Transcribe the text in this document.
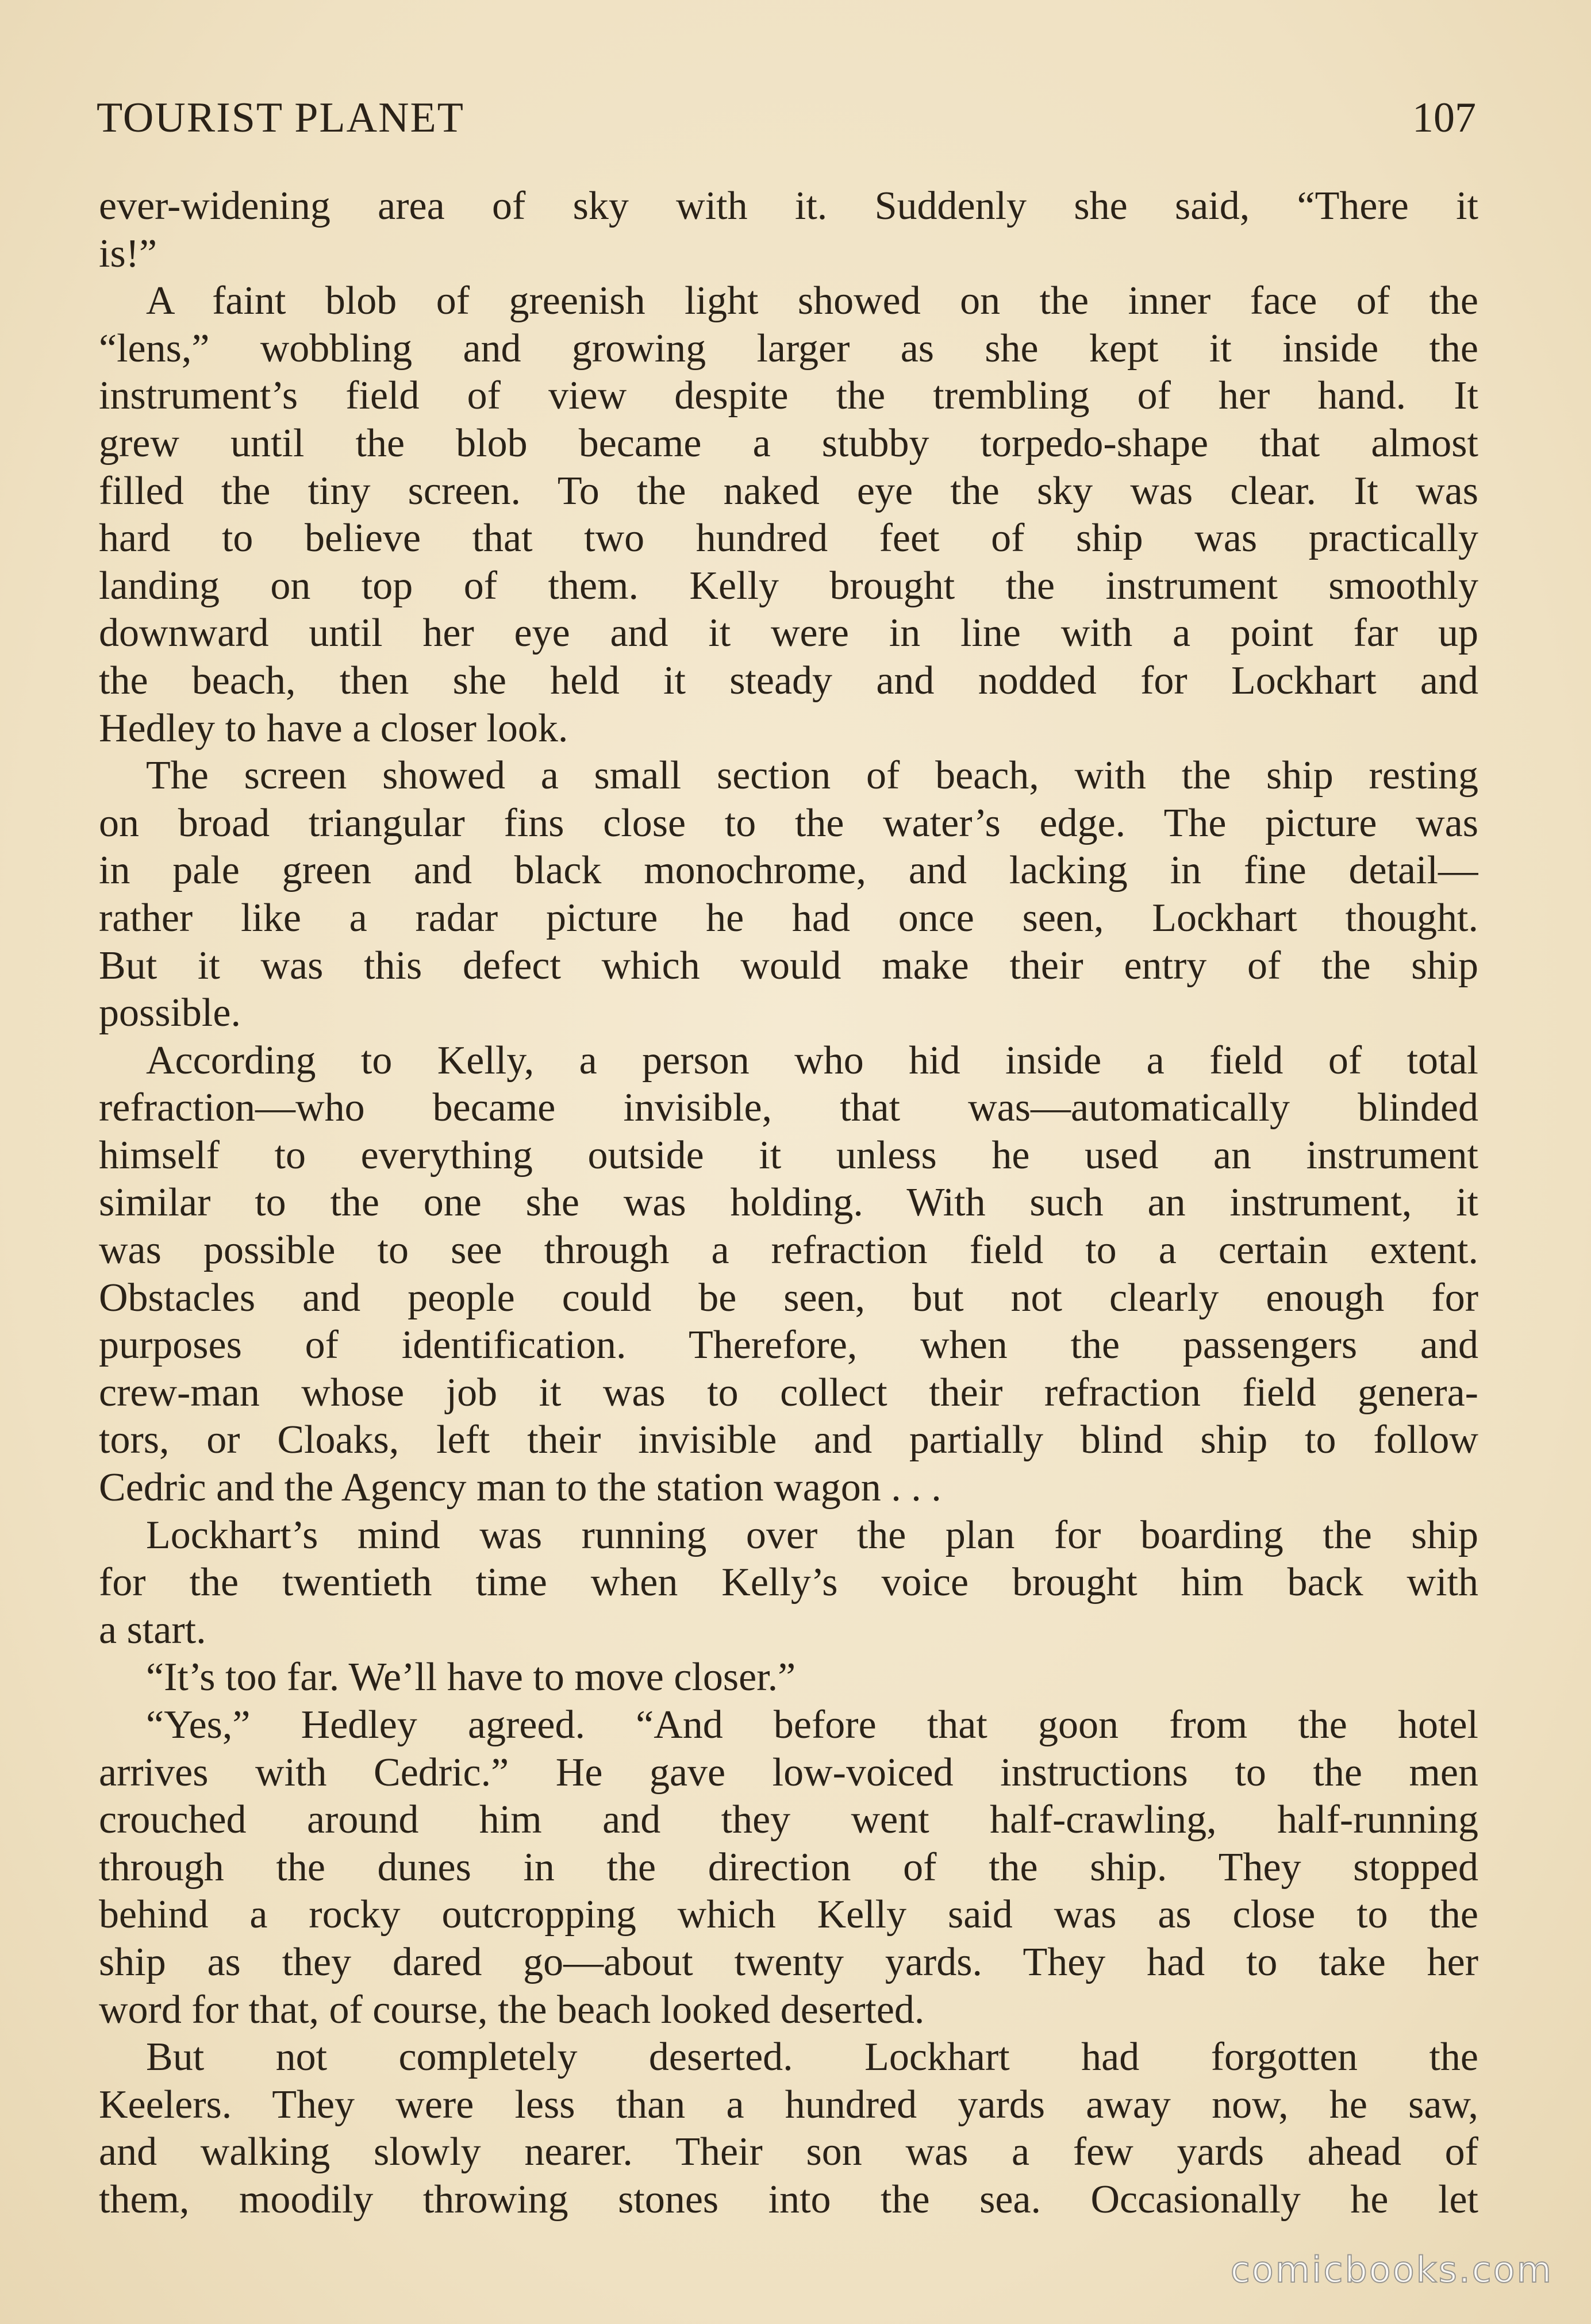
TOURIST PLANET	107
ever-widening area of sky with it. Suddenly she said, “There it
is!”
A faint blob of greenish light showed on the inner face of the
“lens,” wobbling and growing larger as she kept it inside the
instrument’s field of view despite the trembling of her hand. It
grew until the blob became a stubby torpedo-shape that almost
filled the tiny screen. To the naked eye the sky was clear. It was
hard to believe that two hundred feet of ship was practically
landing on top of them. Kelly brought the instrument smoothly
downward until her eye and it were in line with a point far up
the beach, then she held it steady and nodded for Lockhart and
Hedley to have a closer look.
The screen showed a small section of beach, with the ship resting
on broad triangular fins close to the water’s edge. The picture was
in pale green and black monochrome, and lacking in fine detail—
rather like a radar picture he had once seen, Lockhart thought.
But it was this defect which would make their entry of the ship
possible.
According to Kelly, a person who hid inside a field of total
refraction—who became invisible, that was—automatically blinded
himself to everything outside it unless he used an instrument
similar to the one she was holding. With such an instrument, it
was possible to see through a refraction field to a certain extent.
Obstacles and people could be seen, but not clearly enough for
purposes of identification. Therefore, when the passengers and
crew-man whose job it was to collect their refraction field genera-
tors, or Cloaks, left their invisible and partially blind ship to follow
Cedric and the Agency man to the station wagon . . .
Lockhart’s mind was running over the plan for boarding the ship
for the twentieth time when Kelly’s voice brought him back with
a start.
“It’s too far. We’ll have to move closer.”
“Yes,” Hedley agreed. “And before that goon from the hotel
arrives with Cedric.” He gave low-voiced instructions to the men
crouched around him and they went half-crawling, half-running
through the dunes in the direction of the ship. They stopped
behind a rocky outcropping which Kelly said was as close to the
ship as they dared go—about twenty yards. They had to take her
word for that, of course, the beach looked deserted.
But not completely deserted. Lockhart had forgotten the
Keelers. They were less than a hundred yards away now, he saw,
and walking slowly nearer. Their son was a few yards ahead of
them, moodily throwing stones into the sea. Occasionally he let
comicbooks.com
